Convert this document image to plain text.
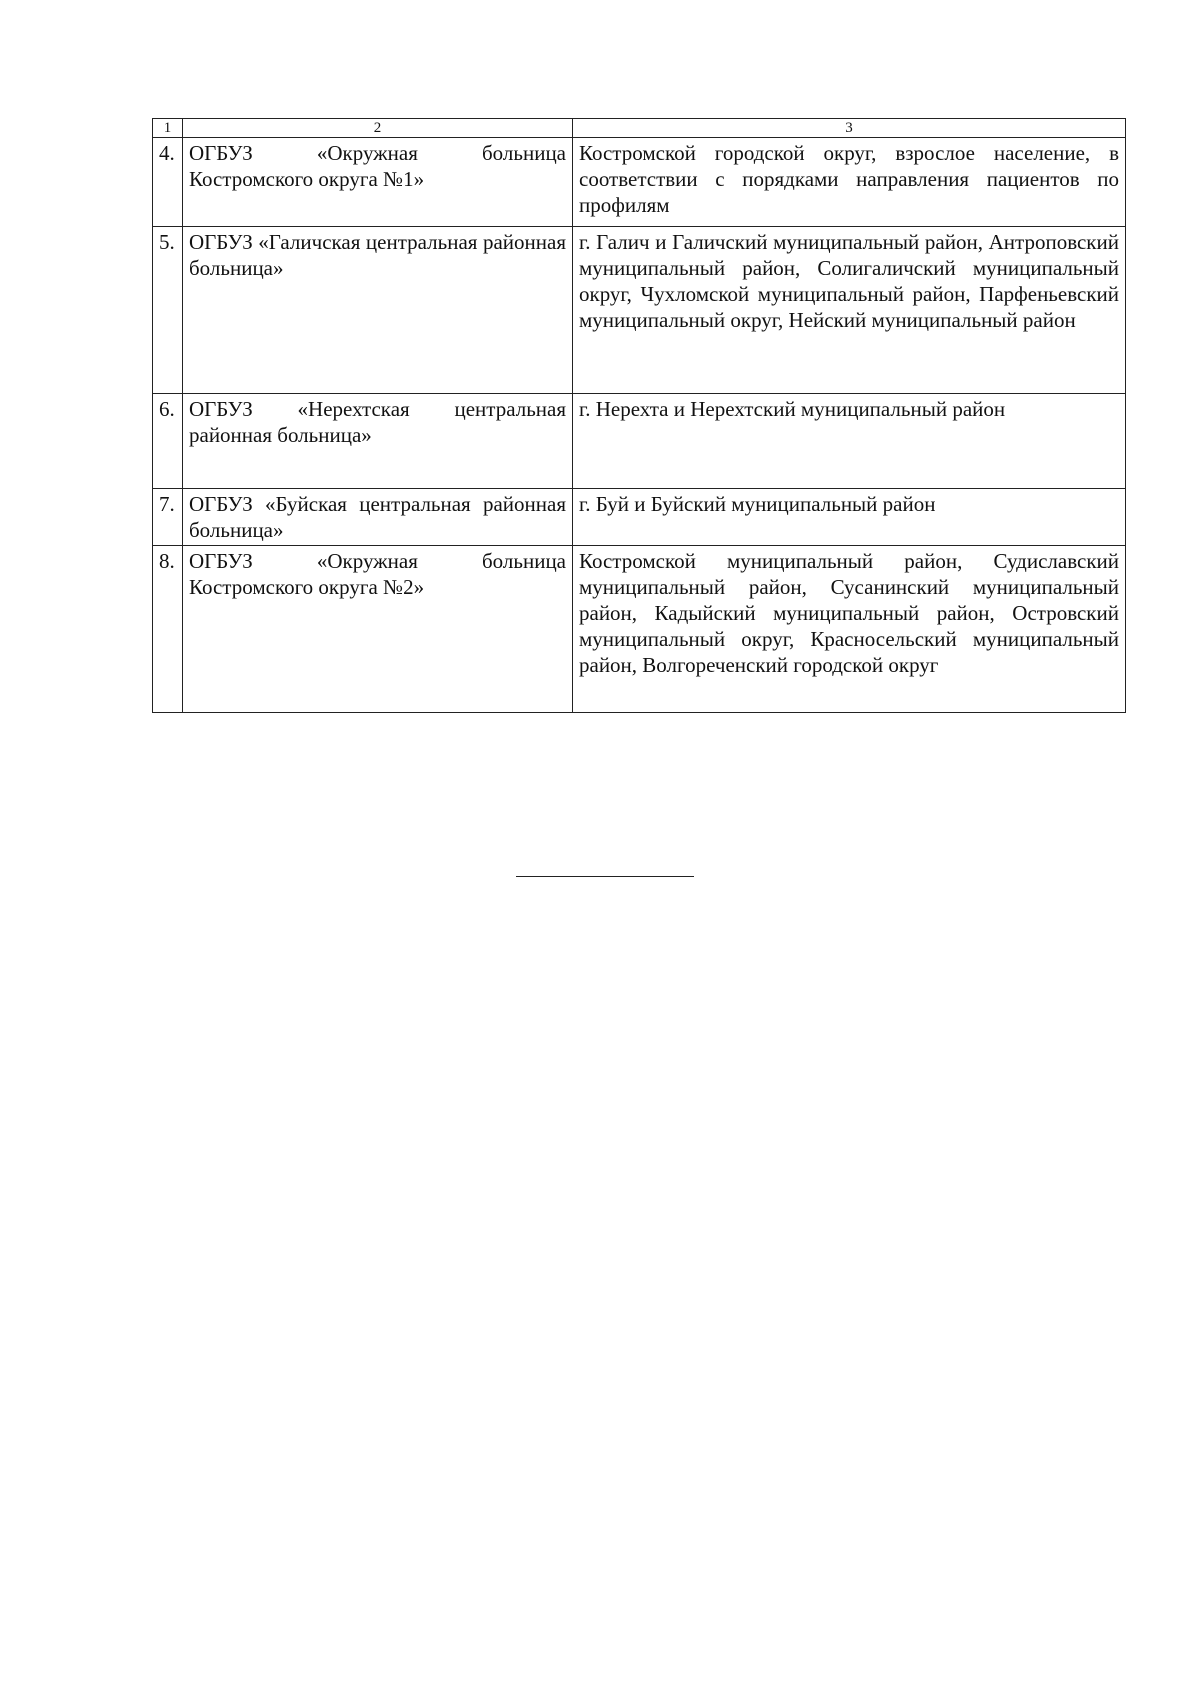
1	2	3
4.	ОГБУЗ «Окружная больница Костромского округа №1»	Костромской городской округ, взрослое население, в соответствии с порядками направления пациентов по профилям
5.	ОГБУЗ «Галичская центральная районная больница»	г. Галич и Галичский муниципальный район, Антроповский муниципальный район, Солигаличский муниципальный округ, Чухломской муниципальный район, Парфеньевский муниципальный округ, Нейский муниципальный район
6.	ОГБУЗ «Нерехтская центральная районная больница»	г. Нерехта и Нерехтский муниципальный район
7.	ОГБУЗ «Буйская центральная районная больница»	г. Буй и Буйский муниципальный район
8.	ОГБУЗ «Окружная больница Костромского округа №2»	Костромской муниципальный район, Судиславский муниципальный район, Сусанинский муниципальный район, Кадыйский муниципальный район, Островский муниципальный округ, Красносельский муниципальный район, Волгореченский городской округ
